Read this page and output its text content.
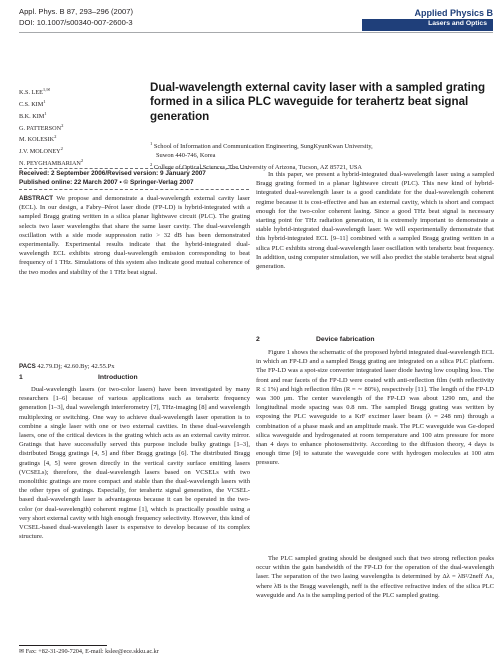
Appl. Phys. B 87, 293–296 (2007)
DOI: 10.1007/s00340-007-2600-3
Applied Physics B
Lasers and Optics
K.S. $LEE^{1,✉}$
C.S. KIM$^1$
B.K. KIM$^1$
G. PATTERSON$^2$
M. KOLESIK$^2$
J.V. MOLONEY$^2$
N. PEYGHAMBARIAN$^2$
Dual-wavelength external cavity laser with a sampled grating formed in a silica PLC waveguide for terahertz beat signal generation
$^1$ School of Information and Communication Engineering, SungKyunKwan University,
Suwon 440-746, Korea
$^2$ College of Optical Sciences, The University of Arizona, Tucson, AZ 85721, USA
Received: 2 September 2006/Revised version: 9 January 2007
Published online: 22 March 2007 • © Springer-Verlag 2007
ABSTRACT We propose and demonstrate a dual-wavelength external cavity laser (ECL). In our design, a Fabry–Pérot laser diode (FP-LD) is hybrid-integrated with a sampled Bragg grating written in a silica planar lightwave circuit (PLC). The grating selects two laser wavelengths that share the same laser cavity. The dual-wavelength oscillation with a side mode suppression ratio > 32 dB has been demonstrated experimentally. Experimental results indicate that the hybrid-integrated dual-wavelength ECL exhibits strong dual-wavelength emission corresponding to beat frequency of 1 THz. Simulations of this system also indicate good mutual coherence of the two modes and stability of the 1 THz beat signal.
PACS 42.79.Dj; 42.60.By; 42.55.Px
1	Introduction

Dual-wavelength lasers (or two-color lasers) have been investigated by many researchers [1–6] because of various applications such as terahertz frequency generation [1–3], dual wavelength interferometry [7], THz-imaging [8] and wavelength multiplexing or switching. One way to achieve dual-wavelength laser operation is to combine a single laser with one or two external cavities. In these dual-wavelength lasers, one of the critical devices is the grating which acts as an external cavity mirror. Gratings that have successfully served this purpose include bulky gratings [1–3], distributed Bragg gratings [4, 5] and fiber Bragg gratings [6]. The distributed Bragg gratings [4, 5] were grown directly in the vertical cavity surface emitting lasers (VCSELs); therefore, the dual-wavelength lasers based on VCSELs with two monolithic gratings are more compact and stable than the dual-wavelength lasers with the other types of gratings. Especially, for terahertz signal generation, the VCSEL-based dual-wavelength laser is advantageous because it can be operated in the two-color (or dual-wavelength) coherent regime [1], which is practically possible using a very short external cavity with high enough frequency selectivity. However, this kind of VCSEL-based dual-wavelength laser is expensive to develop because of its complex structure.

✉ Fax: +82-31-290-7204, E-mail: kslee@ece.skku.ac.kr

In this paper, we present a hybrid-integrated dual-wavelength laser using a sampled Bragg grating formed in a planar lightwave circuit (PLC). This new kind of hybrid-integrated dual-wavelength laser is a good candidate for the dual-wavelength coherent regime because it is cost-effective and has an external cavity, which is short and compact enough for the two-color coherent lasing. Since a good THz beat signal is necessary starting point for THz radiation generation, it is extremely important to demonstrate a stable hybrid-integrated dual-wavelength laser. We will experimentally demonstrate that this hybrid-integrated ECL [9–11] combined with a sampled Bragg grating written in a silica PLC exhibits strong dual-wavelength laser oscillation with terahertz beat frequency. In addition, using computer simulation, we will also predict the stable terahertz beat signal generation.

2	Device fabrication

Figure 1 shows the schematic of the proposed hybrid integrated dual-wavelength ECL in which an FP-LD and a sampled Bragg grating are integrated on a silica PLC platform. The FP-LD was a spot-size converter integrated laser diode having low coupling loss. The front and rear facets of the FP-LD were coated with anti-reflection film (with reflectivity R ≤ 1%) and high reflection film (R = ∼ 80%), respectively [11]. The length of the FP-LD was 300 μm. The center wavelength of the FP-LD was about 1290 nm, and the longitudinal mode spacing was 0.8 nm. The sampled Bragg grating was written by exposing the PLC waveguide to a KrF excimer laser beam (λ = 248 nm) through a combination of a phase mask and an amplitude mask. The PLC waveguide was Ge-doped silica waveguide and hydrogenated at room temperature and 100 atm pressure for more than 4 days to enhance photosensitivity. According to the diffusion theory, 4 days is enough time [9] to saturate the waveguide core with hydrogen molecules at 100 atm pressure.

The PLC sampled grating should be designed such that two strong reflection peaks occur within the gain bandwidth of the FP-LD for the operation of the dual-wavelength laser. The separation of the two lasing wavelengths is determined by Δλ = λB²/2neff Λs, where λB is the Bragg wavelength, neff is the effective refractive index of the silica PLC waveguide and Λs is the sampling period of the PLC sampled grating.
